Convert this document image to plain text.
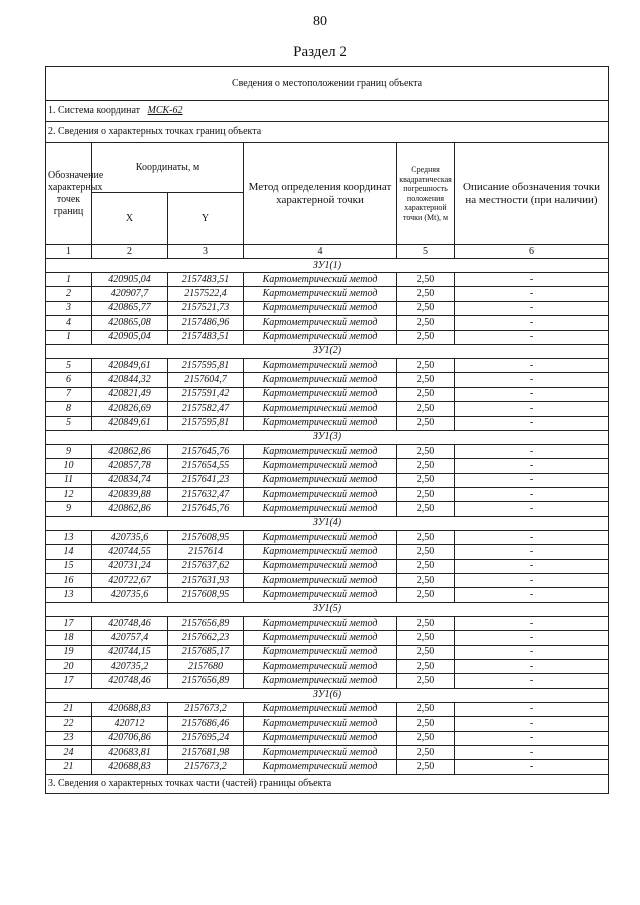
80
Раздел 2
Сведения о местоположении границ объекта					
1. Система координат МСК-62					
2. Сведения о характерных точках границ объекта					
Обозначение характерных точек границ	Координаты, м		Метод определения координат характерной точки	Средняя квадратическая погрешность положения характерной точки (Mt), м	Описание обозначения точки на местности (при наличии)
	X	Y			
1	2	3	4	5	6
ЗУ1(1)					
1	420905,04	2157483,51	Картометрический метод	2,50	-
2	420907,7	2157522,4	Картометрический метод	2,50	-
3	420865,77	2157521,73	Картометрический метод	2,50	-
4	420865,08	2157486,96	Картометрический метод	2,50	-
1	420905,04	2157483,51	Картометрический метод	2,50	-
ЗУ1(2)					
5	420849,61	2157595,81	Картометрический метод	2,50	-
6	420844,32	2157604,7	Картометрический метод	2,50	-
7	420821,49	2157591,42	Картометрический метод	2,50	-
8	420826,69	2157582,47	Картометрический метод	2,50	-
5	420849,61	2157595,81	Картометрический метод	2,50	-
ЗУ1(3)					
9	420862,86	2157645,76	Картометрический метод	2,50	-
10	420857,78	2157654,55	Картометрический метод	2,50	-
11	420834,74	2157641,23	Картометрический метод	2,50	-
12	420839,88	2157632,47	Картометрический метод	2,50	-
9	420862,86	2157645,76	Картометрический метод	2,50	-
ЗУ1(4)					
13	420735,6	2157608,95	Картометрический метод	2,50	-
14	420744,55	2157614	Картометрический метод	2,50	-
15	420731,24	2157637,62	Картометрический метод	2,50	-
16	420722,67	2157631,93	Картометрический метод	2,50	-
13	420735,6	2157608,95	Картометрический метод	2,50	-
ЗУ1(5)					
17	420748,46	2157656,89	Картометрический метод	2,50	-
18	420757,4	2157662,23	Картометрический метод	2,50	-
19	420744,15	2157685,17	Картометрический метод	2,50	-
20	420735,2	2157680	Картометрический метод	2,50	-
17	420748,46	2157656,89	Картометрический метод	2,50	-
ЗУ1(6)					
21	420688,83	2157673,2	Картометрический метод	2,50	-
22	420712	2157686,46	Картометрический метод	2,50	-
23	420706,86	2157695,24	Картометрический метод	2,50	-
24	420683,81	2157681,98	Картометрический метод	2,50	-
21	420688,83	2157673,2	Картометрический метод	2,50	-
3. Сведения о характерных точках части (частей) границы объекта					
